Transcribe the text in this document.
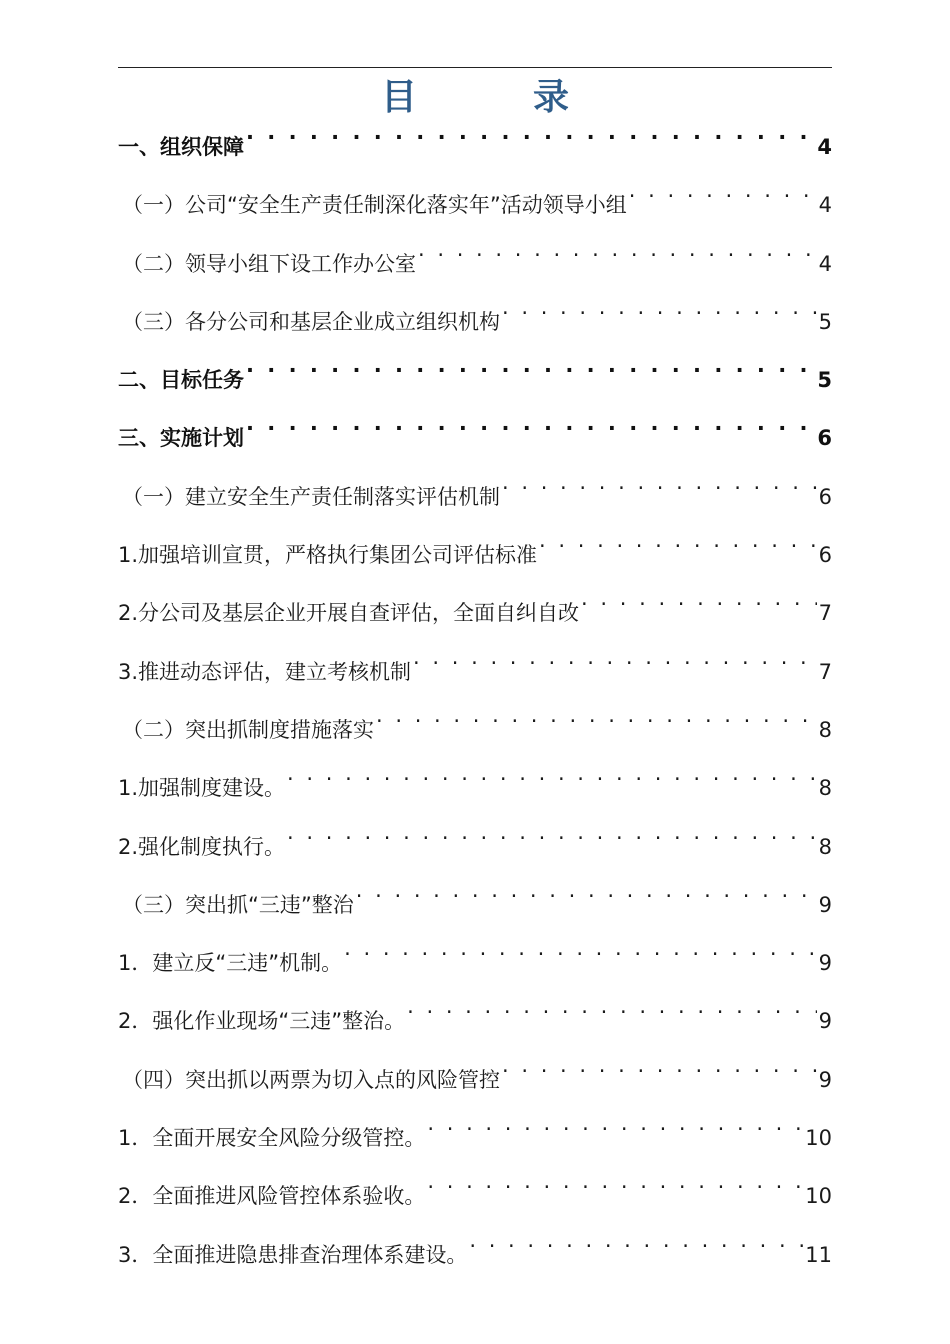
目　录
一、组织保障 . . .	4
（一）公司“安全生产责任制深化落实年”活动领导小组 . . .	4
（二）领导小组下设工作办公室 . . .	4
（三）各分公司和基层企业成立组织机构 . . .	5
二、目标任务 . . .	5
三、实施计划 . . .	6
（一）建立安全生产责任制落实评估机制 . . .	6
1.加强培训宣贯，严格执行集团公司评估标准 . . .	6
2.分公司及基层企业开展自查评估，全面自纠自改 . . .	7
3.推进动态评估，建立考核机制 . . .	7
（二）突出抓制度措施落实 . . .	8
1.加强制度建设。 . . .	8
2.强化制度执行。 . . .	8
（三）突出抓“三违”整治 . . .	9
1．建立反“三违”机制。 . . .	9
2．强化作业现场“三违”整治。 . . .	9
（四）突出抓以两票为切入点的风险管控 . . .	9
1．全面开展安全风险分级管控。 . . .	10
2．全面推进风险管控体系验收。 . . .	10
3．全面推进隐患排查治理体系建设。 . . .	11
